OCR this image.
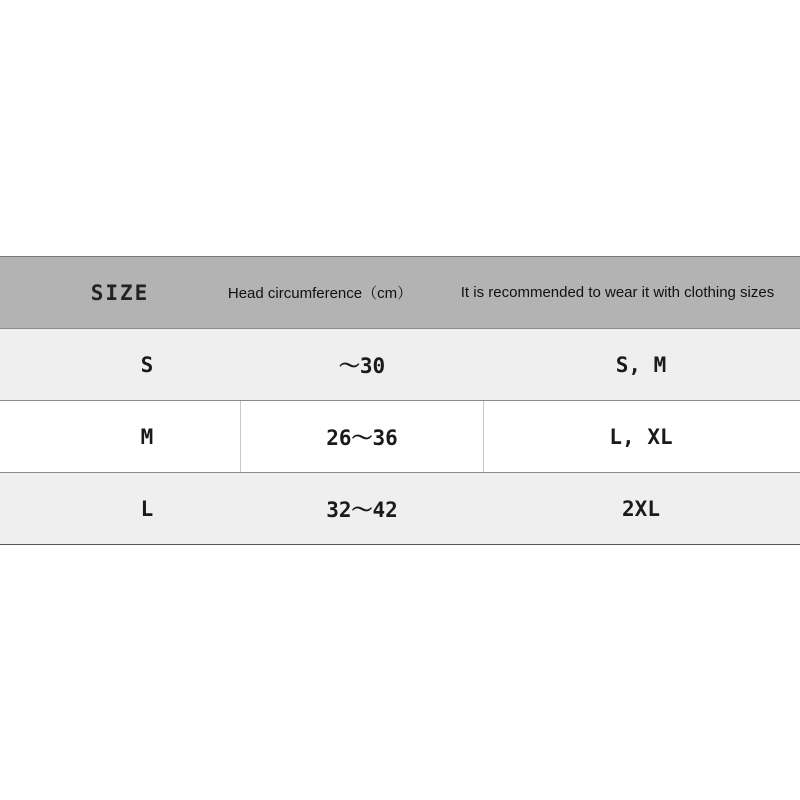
SIZE	Head circumference（cm）	It is recommended to wear it with clothing sizes
S	～30	S, M
M	26～36	L, XL
L	32～42	2XL
